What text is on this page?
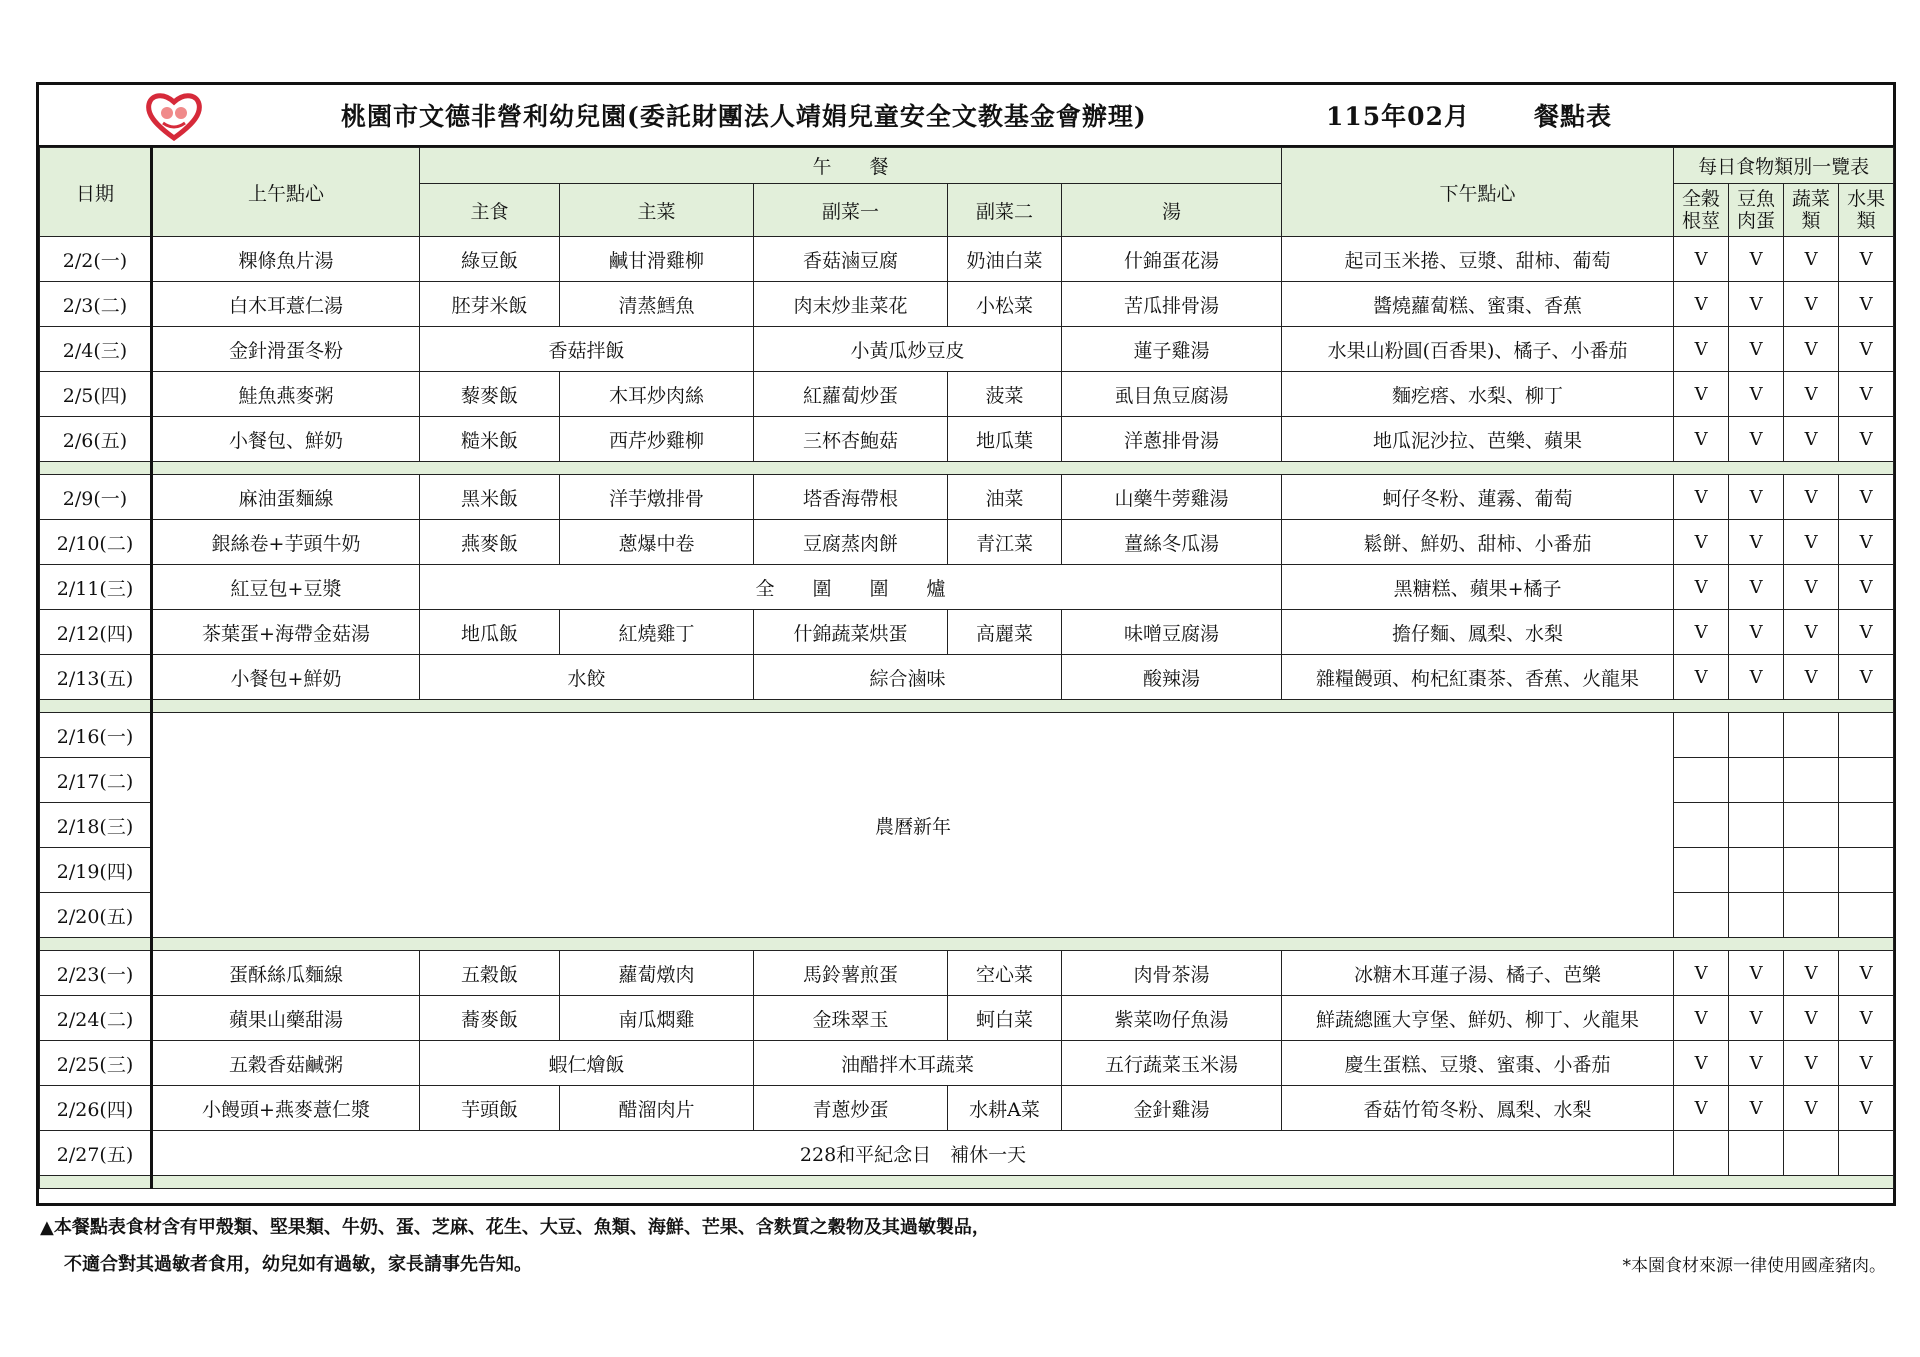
桃園市文德非營利幼兒園(委託財團法人靖娟兒童安全文教基金會辦理)	115年02月	餐點表
日期	上午點心	午　　餐					下午點心	每日食物類別一覽表			
		主食	主菜	副菜一	副菜二	湯		全穀根莖	豆魚肉蛋	蔬菜類	水果類
2/2(一)	粿條魚片湯	綠豆飯	鹹甘滑雞柳	香菇滷豆腐	奶油白菜	什錦蛋花湯	起司玉米捲、豆漿、甜柿、葡萄	V	V	V	V
2/3(二)	白木耳薏仁湯	胚芽米飯	清蒸鱈魚	肉末炒韭菜花	小松菜	苦瓜排骨湯	醬燒蘿蔔糕、蜜棗、香蕉	V	V	V	V
2/4(三)	金針滑蛋冬粉	香菇拌飯		小黃瓜炒豆皮		蓮子雞湯	水果山粉圓(百香果)、橘子、小番茄	V	V	V	V
2/5(四)	鮭魚燕麥粥	藜麥飯	木耳炒肉絲	紅蘿蔔炒蛋	菠菜	虱目魚豆腐湯	麵疙瘩、水梨、柳丁	V	V	V	V
2/6(五)	小餐包、鮮奶	糙米飯	西芹炒雞柳	三杯杏鮑菇	地瓜葉	洋蔥排骨湯	地瓜泥沙拉、芭樂、蘋果	V	V	V	V

2/9(一)	麻油蛋麵線	黑米飯	洋芋燉排骨	塔香海帶根	油菜	山藥牛蒡雞湯	蚵仔冬粉、蓮霧、葡萄	V	V	V	V
2/10(二)	銀絲卷+芋頭牛奶	燕麥飯	蔥爆中卷	豆腐蒸肉餅	青江菜	薑絲冬瓜湯	鬆餅、鮮奶、甜柿、小番茄	V	V	V	V
2/11(三)	紅豆包+豆漿	全　　圍　　圍　　爐					黑糖糕、蘋果+橘子	V	V	V	V
2/12(四)	茶葉蛋+海帶金菇湯	地瓜飯	紅燒雞丁	什錦蔬菜烘蛋	高麗菜	味噌豆腐湯	擔仔麵、鳳梨、水梨	V	V	V	V
2/13(五)	小餐包+鮮奶	水餃		綜合滷味		酸辣湯	雜糧饅頭、枸杞紅棗茶、香蕉、火龍果	V	V	V	V

2/16(一)	農曆新年										
2/17(二)											
2/18(三)											
2/19(四)											
2/20(五)											

2/23(一)	蛋酥絲瓜麵線	五穀飯	蘿蔔燉肉	馬鈴薯煎蛋	空心菜	肉骨茶湯	冰糖木耳蓮子湯、橘子、芭樂	V	V	V	V
2/24(二)	蘋果山藥甜湯	蕎麥飯	南瓜燜雞	金珠翠玉	蚵白菜	紫菜吻仔魚湯	鮮蔬總匯大亨堡、鮮奶、柳丁、火龍果	V	V	V	V
2/25(三)	五穀香菇鹹粥	蝦仁燴飯		油醋拌木耳蔬菜		五行蔬菜玉米湯	慶生蛋糕、豆漿、蜜棗、小番茄	V	V	V	V
2/26(四)	小饅頭+燕麥薏仁漿	芋頭飯	醋溜肉片	青蔥炒蛋	水耕A菜	金針雞湯	香菇竹筍冬粉、鳳梨、水梨	V	V	V	V
2/27(五)	228和平紀念日　補休一天										

▲本餐點表食材含有甲殼類、堅果類、牛奶、蛋、芝麻、花生、大豆、魚類、海鮮、芒果、含麩質之穀物及其過敏製品，
不適合對其過敏者食用，幼兒如有過敏，家長請事先告知。	*本園食材來源一律使用國產豬肉。
